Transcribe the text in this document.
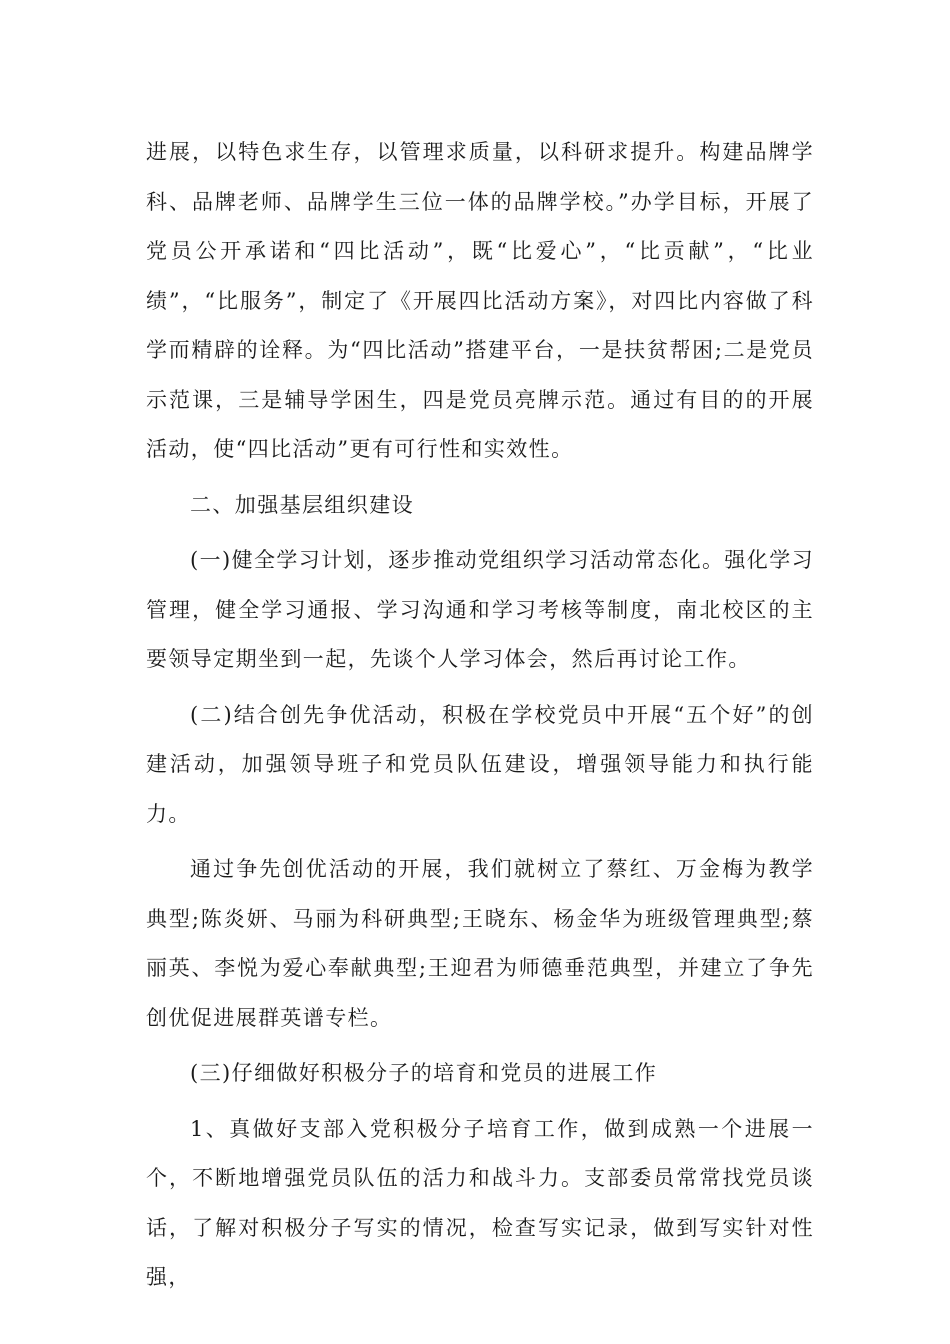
进展，以特色求生存，以管理求质量，以科研求提升。构建品牌学科、品牌老师、品牌学生三位一体的品牌学校。”办学目标，开展了党员公开承诺和“四比活动”，既“比爱心”，“比贡献”，“比业绩”，“比服务”，制定了《开展四比活动方案》，对四比内容做了科学而精辟的诠释。为“四比活动”搭建平台，一是扶贫帮困;二是党员示范课，三是辅导学困生，四是党员亮牌示范。通过有目的的开展活动，使“四比活动”更有可行性和实效性。

二、加强基层组织建设

(一)健全学习计划，逐步推动党组织学习活动常态化。强化学习管理，健全学习通报、学习沟通和学习考核等制度，南北校区的主要领导定期坐到一起，先谈个人学习体会，然后再讨论工作。

(二)结合创先争优活动，积极在学校党员中开展“五个好”的创建活动，加强领导班子和党员队伍建设，增强领导能力和执行能力。

通过争先创优活动的开展，我们就树立了蔡红、万金梅为教学典型;陈炎妍、马丽为科研典型;王晓东、杨金华为班级管理典型;蔡丽英、李悦为爱心奉献典型;王迎君为师德垂范典型，并建立了争先创优促进展群英谱专栏。

(三)仔细做好积极分子的培育和党员的进展工作

1、真做好支部入党积极分子培育工作，做到成熟一个进展一个，不断地增强党员队伍的活力和战斗力。支部委员常常找党员谈话，了解对积极分子写实的情况，检查写实记录，做到写实针对性强，
